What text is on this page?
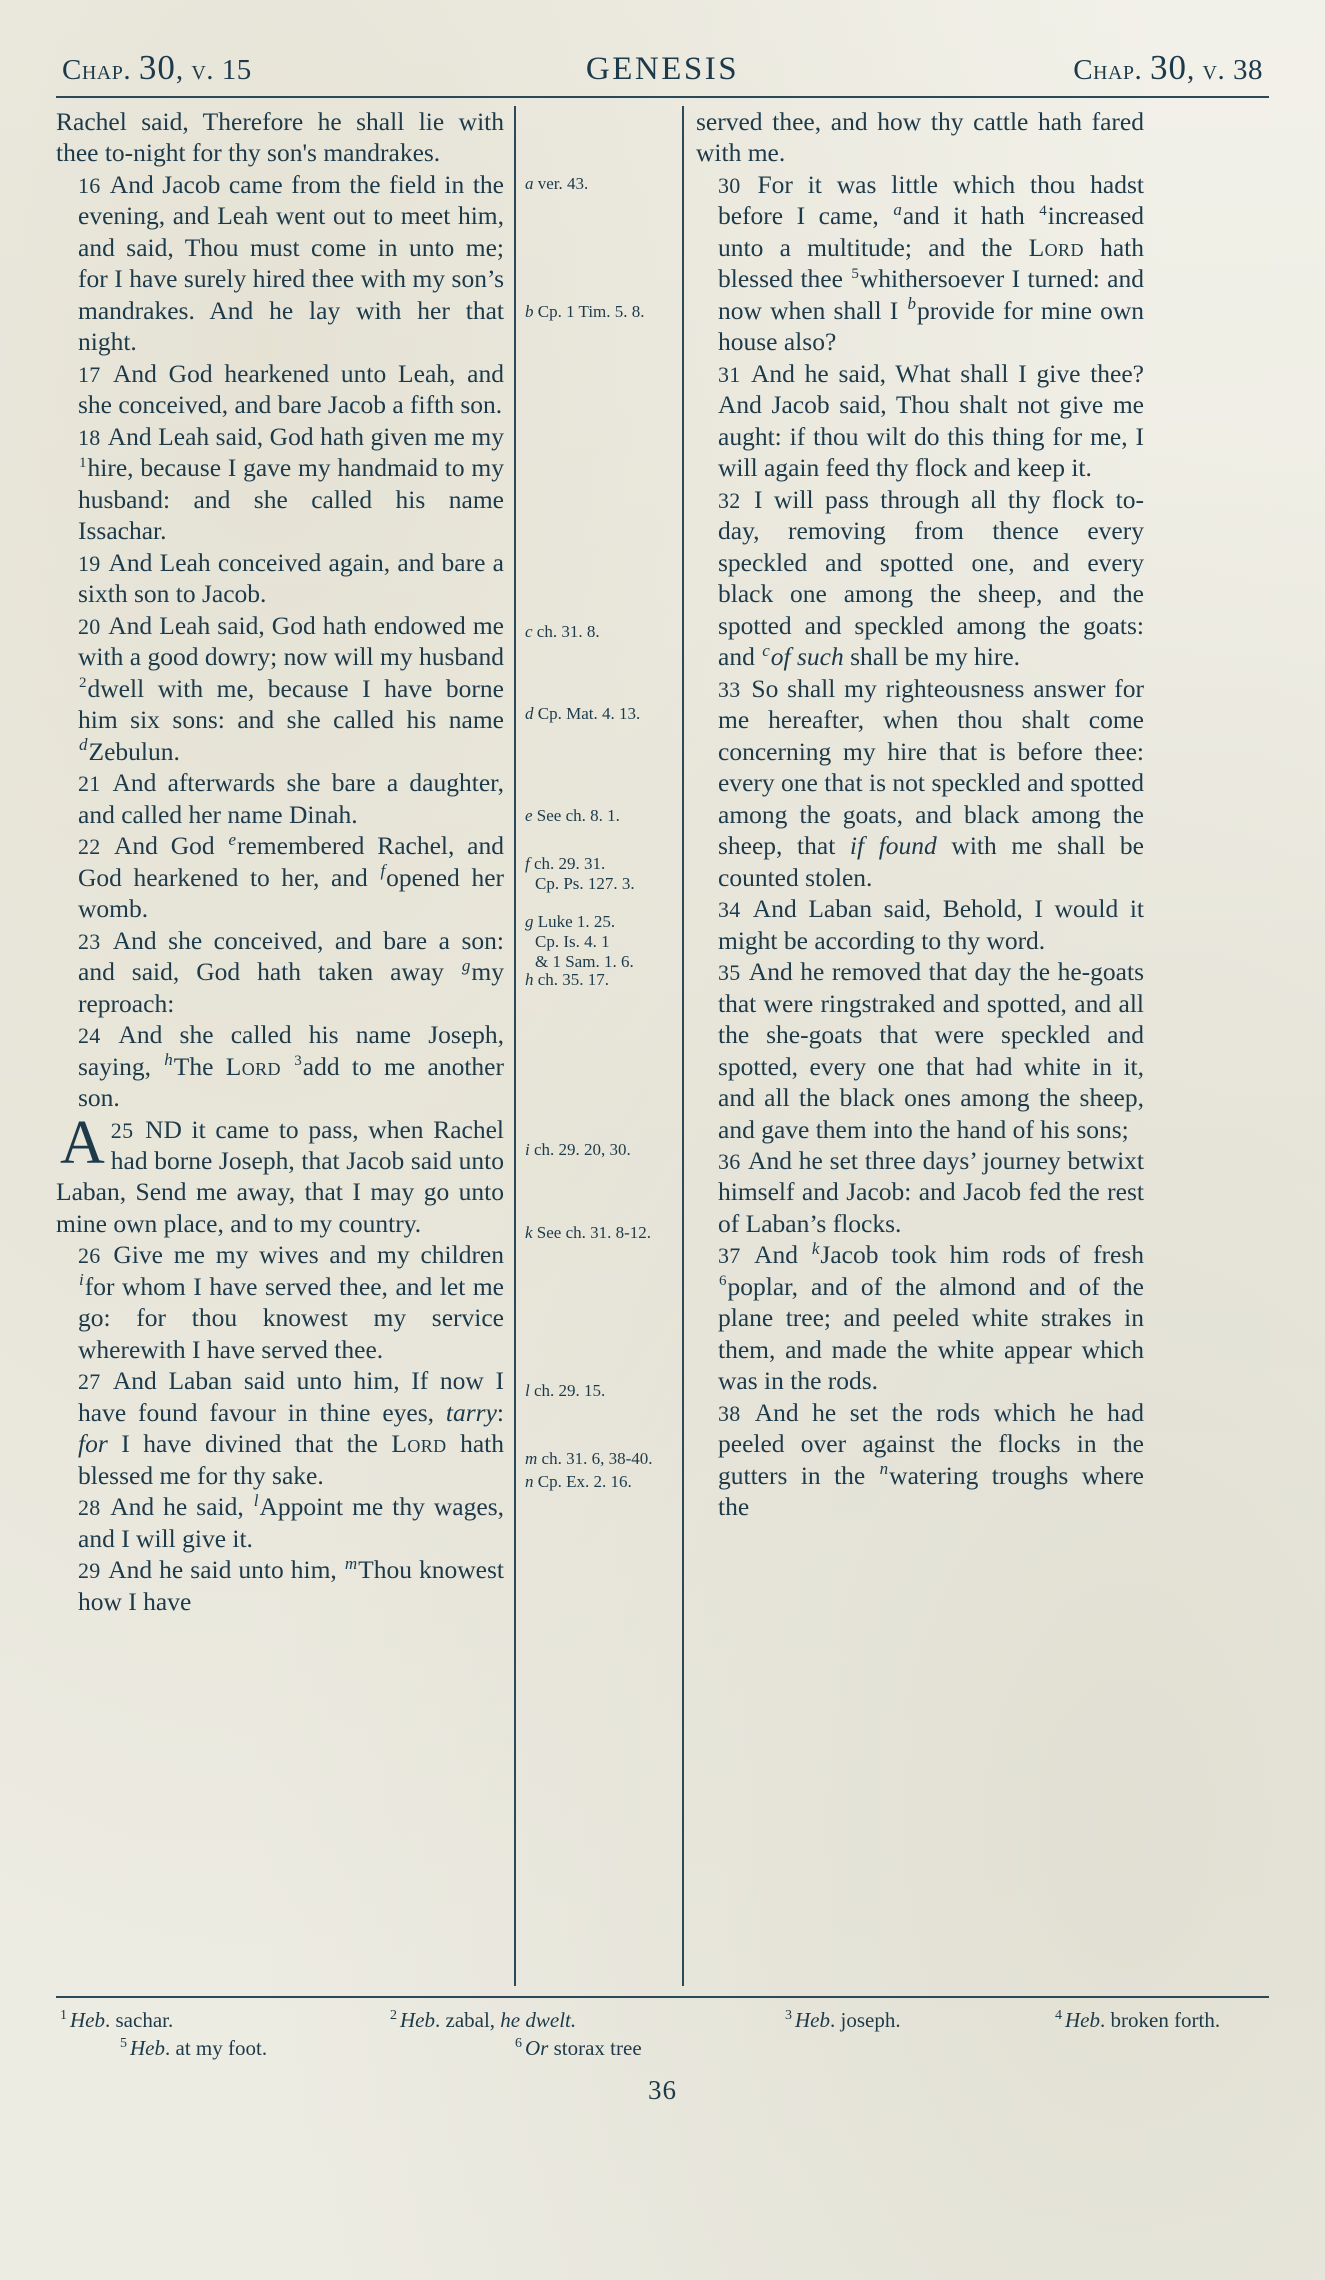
Chap. 30, v. 15	GENESIS	Chap. 30, v. 38

Rachel said, Therefore he shall lie with thee to-night for thy son's mandrakes.

16 And Jacob came from the field in the evening, and Leah went out to meet him, and said, Thou must come in unto me; for I have surely hired thee with my son’s mandrakes. And he lay with her that night.

17 And God hearkened unto Leah, and she conceived, and bare Jacob a fifth son.

18 And Leah said, God hath given me my $^1$hire, because I gave my handmaid to my husband: and she called his name Issachar.

19 And Leah conceived again, and bare a sixth son to Jacob.

20 And Leah said, God hath endowed me with a good dowry; now will my husband $^2$dwell with me, because I have borne him six sons: and she called his name $^d$Zebulun.

21 And afterwards she bare a daughter, and called her name Dinah.

22 And God $^e$remembered Rachel, and God hearkened to her, and $^f$opened her womb.

23 And she conceived, and bare a son: and said, God hath taken away $^g$my reproach:

24 And she called his name Joseph, saying, $^h$The Lord $^3$add to me another son.

25
A ND it came to pass, when Rachel had borne Joseph, that Jacob said unto Laban, Send me away, that I may go unto mine own place, and to my country.

26 Give me my wives and my children $^i$for whom I have served thee, and let me go: for thou knowest my service wherewith I have served thee.

27 And Laban said unto him, If now I have found favour in thine eyes, tarry: for I have divined that the Lord hath blessed me for thy sake.

28 And he said, $^l$Appoint me thy wages, and I will give it.

29 And he said unto him, $^m$Thou knowest how I have

a ver. 43.
b Cp. 1 Tim. 5. 8.
c ch. 31. 8.
d Cp. Mat. 4. 13.
e See ch. 8. 1.
f ch. 29. 31.
Cp. Ps. 127. 3.
g Luke 1. 25.
Cp. Is. 4. 1
& 1 Sam. 1. 6.
h ch. 35. 17.
i ch. 29. 20, 30.
k See ch. 31. 8-12.
l ch. 29. 15.
m ch. 31. 6, 38-40.
n Cp. Ex. 2. 16.

served thee, and how thy cattle hath fared with me.

30 For it was little which thou hadst before I came, $^a$and it hath $^4$increased unto a multitude; and the Lord hath blessed thee $^5$whithersoever I turned: and now when shall I $^b$provide for mine own house also?

31 And he said, What shall I give thee? And Jacob said, Thou shalt not give me aught: if thou wilt do this thing for me, I will again feed thy flock and keep it.

32 I will pass through all thy flock to-day, removing from thence every speckled and spotted one, and every black one among the sheep, and the spotted and speckled among the goats: and $^c$of such shall be my hire.

33 So shall my righteousness answer for me hereafter, when thou shalt come concerning my hire that is before thee: every one that is not speckled and spotted among the goats, and black among the sheep, that if found with me shall be counted stolen.

34 And Laban said, Behold, I would it might be according to thy word.

35 And he removed that day the he-goats that were ringstraked and spotted, and all the she-goats that were speckled and spotted, every one that had white in it, and all the black ones among the sheep, and gave them into the hand of his sons;

36 And he set three days’ journey betwixt himself and Jacob: and Jacob fed the rest of Laban’s flocks.

37 And $^k$Jacob took him rods of fresh $^6$poplar, and of the almond and of the plane tree; and peeled white strakes in them, and made the white appear which was in the rods.

38 And he set the rods which he had peeled over against the flocks in the gutters in the $^n$watering troughs where the

$^1$ Heb. sachar.	$^2$ Heb. zabal, he dwelt.	$^3$ Heb. joseph.	$^4$ Heb. broken forth.
$^5$ Heb. at my foot.	$^6$ Or storax tree
36
